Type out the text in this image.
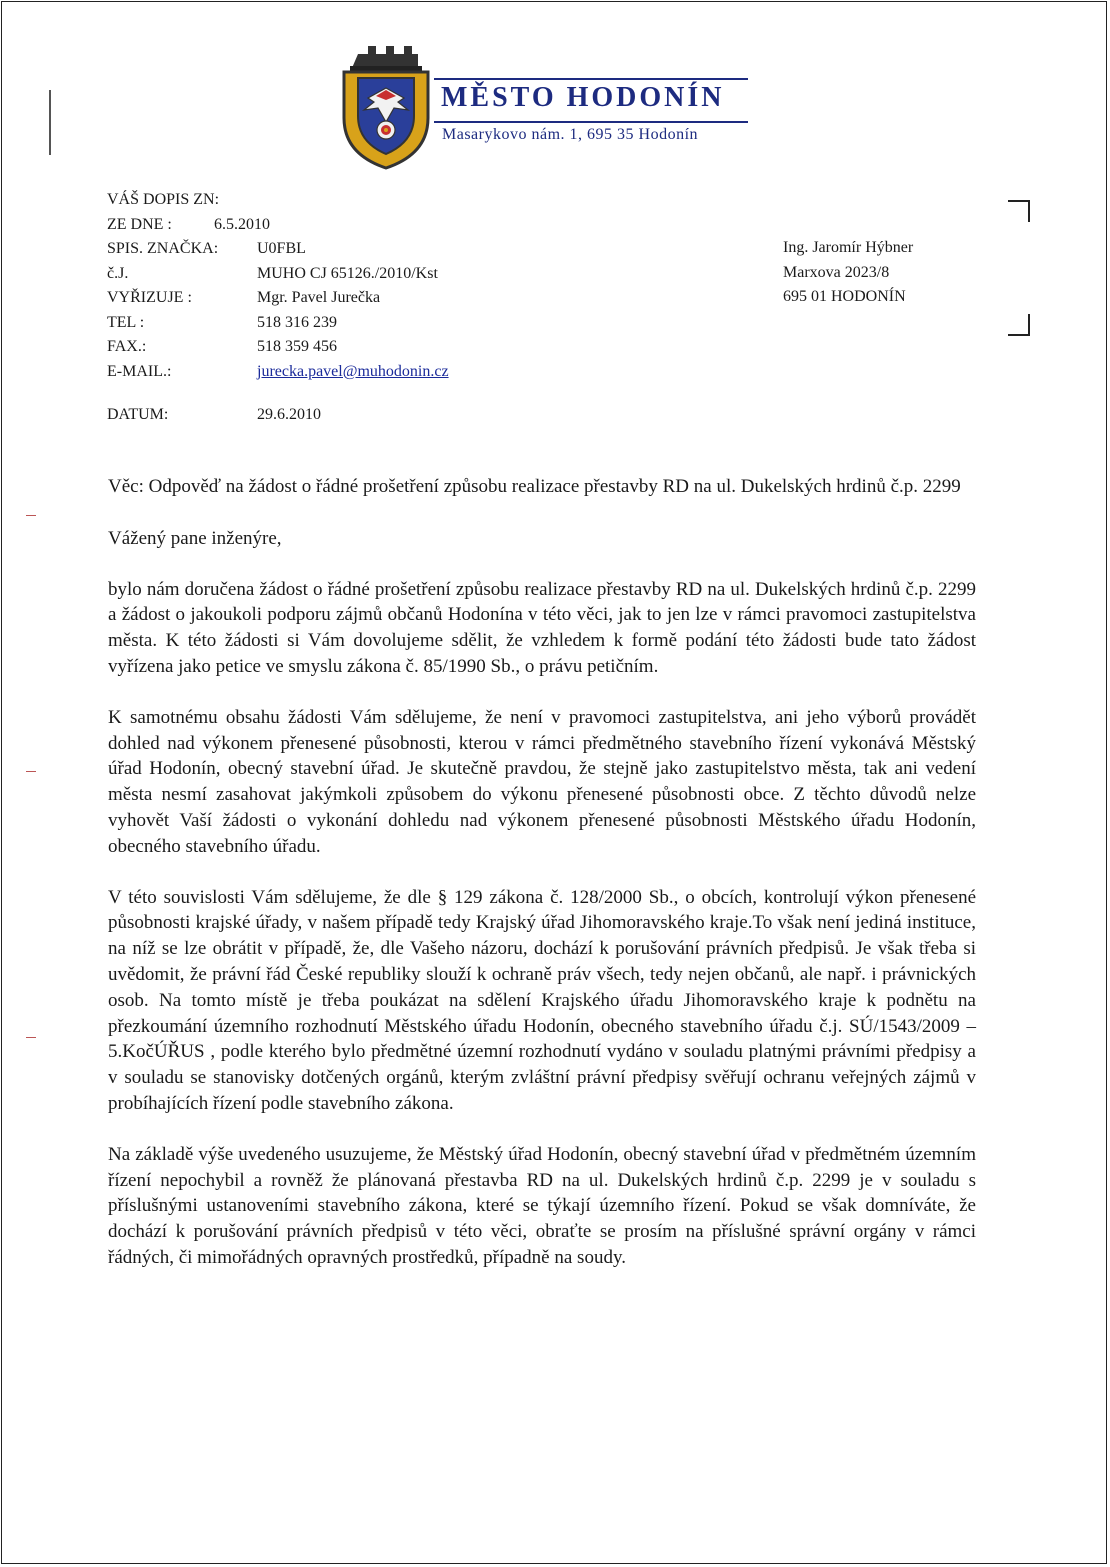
MĚSTO HODONÍN
Masarykovo nám. 1, 695 35 Hodonín
VÁŠ DOPIS ZN:
ZE DNE :	6.5.2010
SPIS. ZNAČKA:	U0FBL
č.J.	MUHO CJ 65126./2010/Kst
VYŘIZUJE :	Mgr. Pavel Jurečka
TEL :	518 316 239
FAX.:	518 359 456
E-MAIL.:	jurecka.pavel@muhodonin.cz
DATUM:	29.6.2010
Ing. Jaromír Hýbner
Marxova 2023/8
695 01 HODONÍN

Věc: Odpověď na žádost o řádné prošetření způsobu realizace přestavby RD na ul. Dukelských hrdinů č.p. 2299

Vážený pane inženýre,

bylo nám doručena žádost o řádné prošetření způsobu realizace přestavby RD na ul. Dukelských hrdinů č.p. 2299 a žádost o jakoukoli podporu zájmů občanů Hodonína v této věci, jak to jen lze v rámci pravomoci zastupitelstva města. K této žádosti si Vám dovolujeme sdělit, že vzhledem k formě podání této žádosti bude tato žádost vyřízena jako petice ve smyslu zákona č. 85/1990 Sb., o právu petičním.

K samotnému obsahu žádosti Vám sdělujeme, že není v pravomoci zastupitelstva, ani jeho výborů provádět dohled nad výkonem přenesené působnosti, kterou v rámci předmětného stavebního řízení vykonává Městský úřad Hodonín, obecný stavební úřad. Je skutečně pravdou, že stejně jako zastupitelstvo města, tak ani vedení města nesmí zasahovat jakýmkoli způsobem do výkonu přenesené působnosti obce. Z těchto důvodů nelze vyhovět Vaší žádosti o vykonání dohledu nad výkonem přenesené působnosti Městského úřadu Hodonín, obecného stavebního úřadu.

V této souvislosti Vám sdělujeme, že dle § 129 zákona č. 128/2000 Sb., o obcích, kontrolují výkon přenesené působnosti krajské úřady, v našem případě tedy Krajský úřad Jihomoravského kraje.To však není jediná instituce, na níž se lze obrátit v případě, že, dle Vašeho názoru, dochází k porušování právních předpisů. Je však třeba si uvědomit, že právní řád České republiky slouží k ochraně práv všech, tedy nejen občanů, ale např. i právnických osob. Na tomto místě je třeba poukázat na sdělení Krajského úřadu Jihomoravského kraje k podnětu na přezkoumání územního rozhodnutí Městského úřadu Hodonín, obecného stavebního úřadu č.j. SÚ/1543/2009 – 5.KočÚŘUS , podle kterého bylo předmětné územní rozhodnutí vydáno v souladu platnými právními předpisy a v souladu se stanovisky dotčených orgánů, kterým zvláštní právní předpisy svěřují ochranu veřejných zájmů v probíhajících řízení podle stavebního zákona.

Na základě výše uvedeného usuzujeme, že Městský úřad Hodonín, obecný stavební úřad v předmětném územním řízení nepochybil a rovněž že plánovaná přestavba RD na ul. Dukelských hrdinů č.p. 2299 je v souladu s příslušnými ustanoveními stavebního zákona, které se týkají územního řízení. Pokud se však domníváte, že dochází k porušování právních předpisů v této věci, obraťte se prosím na příslušné správní orgány v rámci řádných, či mimořádných opravných prostředků, případně na soudy.
